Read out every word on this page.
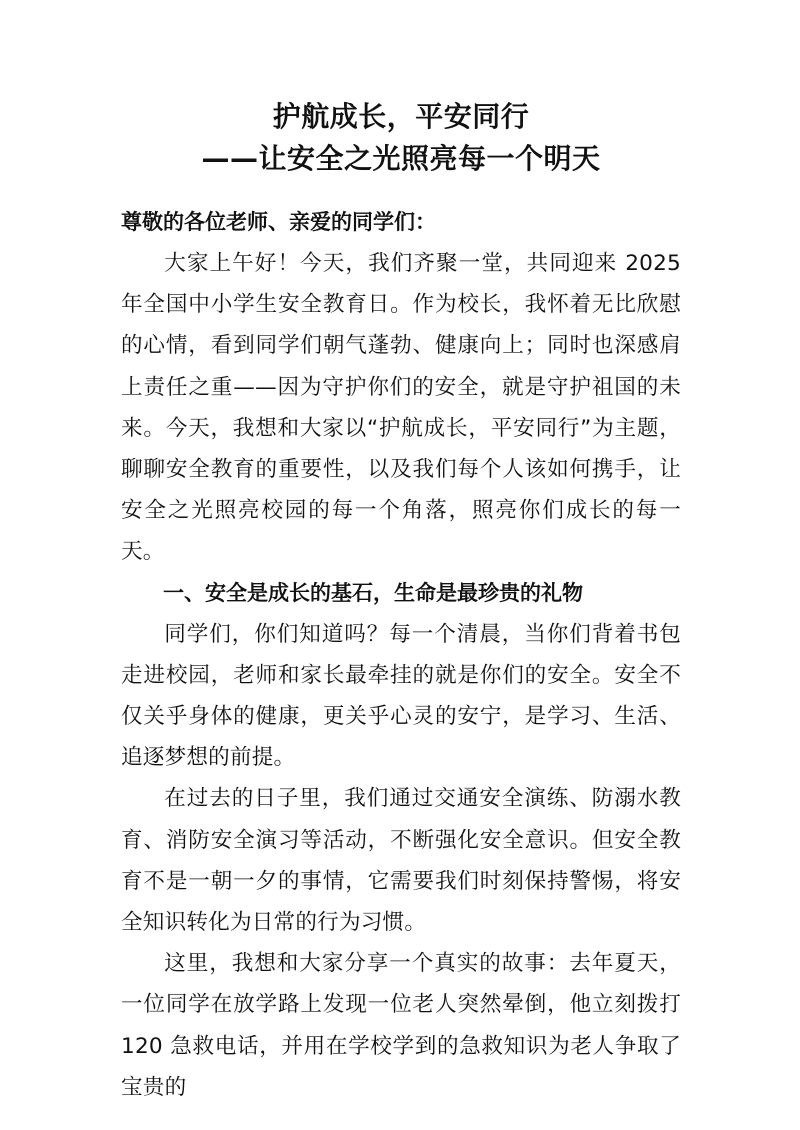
护航成长，平安同行
——让安全之光照亮每一个明天

尊敬的各位老师、亲爱的同学们：

大家上午好！今天，我们齐聚一堂，共同迎来 2025 年全国中小学生安全教育日。作为校长，我怀着无比欣慰的心情，看到同学们朝气蓬勃、健康向上；同时也深感肩上责任之重——因为守护你们的安全，就是守护祖国的未来。今天，我想和大家以“护航成长，平安同行”为主题，聊聊安全教育的重要性，以及我们每个人该如何携手，让安全之光照亮校园的每一个角落，照亮你们成长的每一天。

一、安全是成长的基石，生命是最珍贵的礼物

同学们，你们知道吗？每一个清晨，当你们背着书包走进校园，老师和家长最牵挂的就是你们的安全。安全不仅关乎身体的健康，更关乎心灵的安宁，是学习、生活、追逐梦想的前提。

在过去的日子里，我们通过交通安全演练、防溺水教育、消防安全演习等活动，不断强化安全意识。但安全教育不是一朝一夕的事情，它需要我们时刻保持警惕，将安全知识转化为日常的行为习惯。

这里，我想和大家分享一个真实的故事：去年夏天，一位同学在放学路上发现一位老人突然晕倒，他立刻拨打 120 急救电话，并用在学校学到的急救知识为老人争取了宝贵的
